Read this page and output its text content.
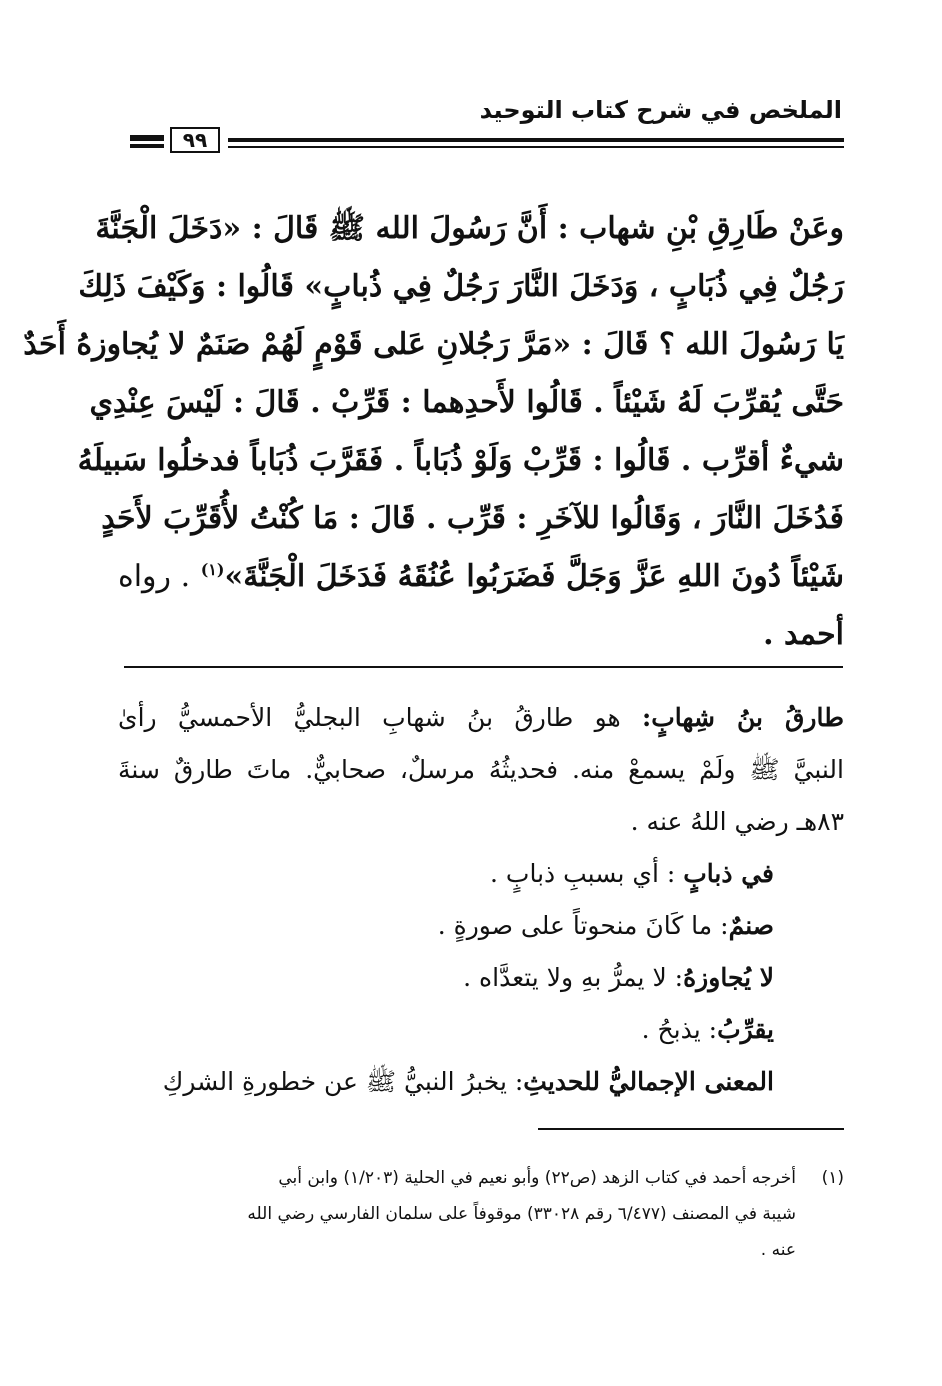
الملخص في شرح كتاب التوحيد
٩٩
وعَنْ طَارِقِ بْنِ شهاب : أَنَّ رَسُولَ الله ﷺ قَالَ : «دَخَلَ الْجَنَّةَ
رَجُلٌ فِي ذُبَابٍ ، وَدَخَلَ النَّارَ رَجُلٌ فِي ذُبابٍ» قَالُوا : وَكَيْفَ ذَلِكَ
يَا رَسُولَ الله ؟ قَالَ : «مَرَّ رَجُلانِ عَلى قَوْمٍ لَهُمْ صَنَمٌ لا يُجاوزهُ أَحَدٌ
حَتَّى يُقرِّبَ لَهُ شَيْئاً . قَالُوا لأَحدِهما : قَرِّبْ . قَالَ : لَيْسَ عِنْدِي
شيءٌ أقرِّب . قَالُوا : قَرِّبْ وَلَوْ ذُبَاباً . فَقَرَّبَ ذُبَاباً فدخلُوا سَبيلَهُ
فَدُخَلَ النَّارَ ، وَقَالُوا للآخَرِ : قَرِّب . قَالَ : مَا كُنْتُ لأُقَرِّبَ لأَحَدٍ
شَيْئاً دُونَ اللهِ عَزَّ وَجَلَّ فَضَرَبُوا عُنُقَهُ فَدَخَلَ الْجَنَّةَ»$^{(١)}$ . رواه
أحمد .
طارقُ بنُ شِهابٍ: هو طارقُ بنُ شهابِ البجليُّ الأحمسيُّ رأىٰ
النبيَّ ﷺ ولَمْ يسمعْ منه. فحديثُهُ مرسلٌ، صحابيٌّ. ماتَ طارقٌ سنةَ
٨٣هـ رضي اللهُ عنه .
في ذبابٍ : أي بسببِ ذبابٍ .
صنمٌ: ما كَانَ منحوتاً على صورةٍ .
لا يُجاوزهُ: لا يمرُّ بهِ ولا يتعدَّاه .
يقرِّبُ: يذبحُ .
المعنى الإجماليُّ للحديثِ: يخبرُ النبيُّ ﷺ عن خطورةِ الشركِ
(١)أخرجه أحمد في كتاب الزهد (ص٢٢) وأبو نعيم في الحلية (١/٢٠٣) وابن أبي
شيبة في المصنف (٦/٤٧٧ رقم ٣٣٠٢٨) موقوفاً على سلمان الفارسي رضي الله
عنه .
